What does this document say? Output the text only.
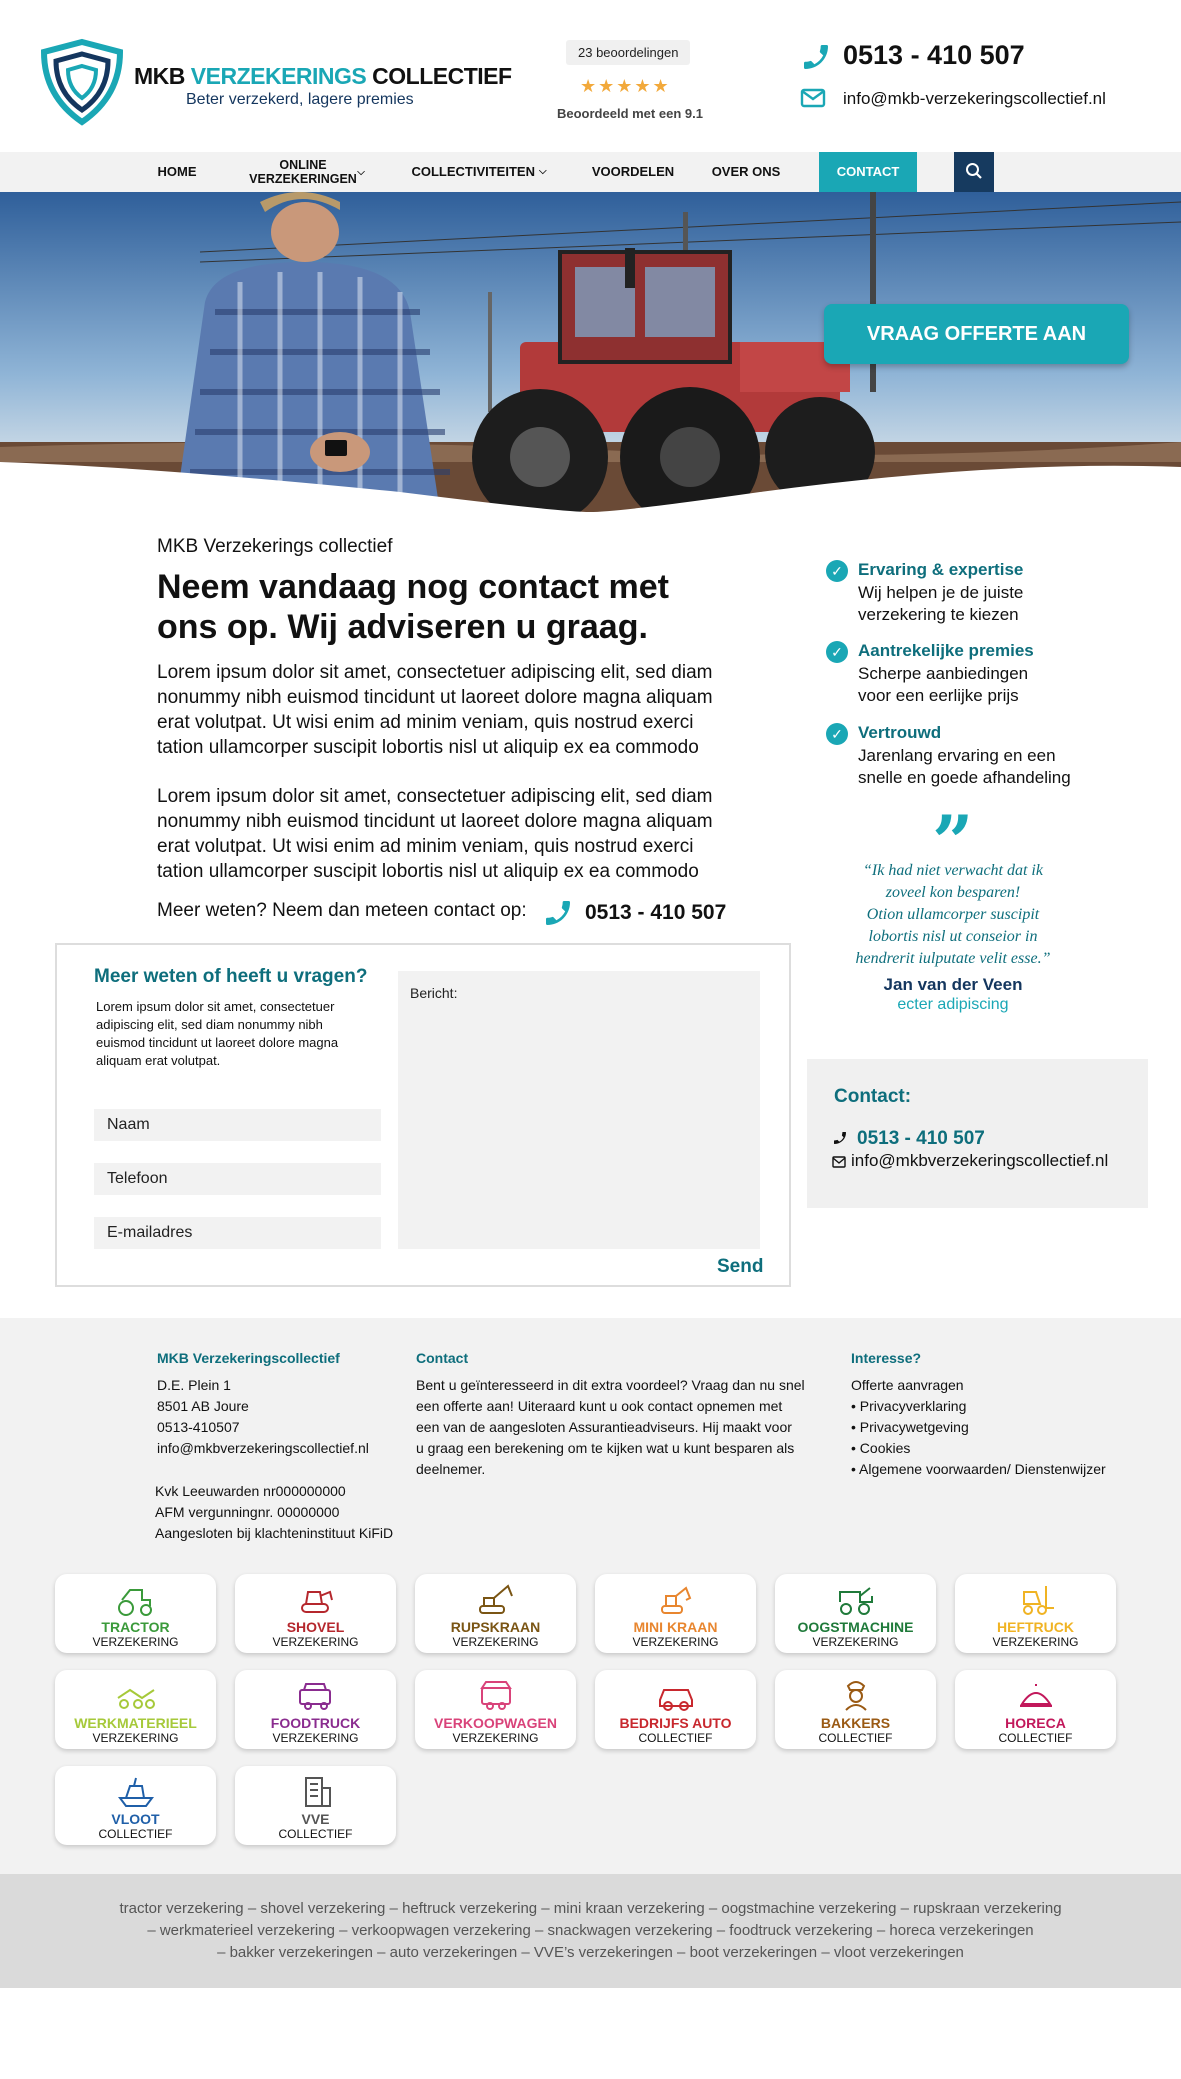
MKB VERZEKERINGS COLLECTIEF
Beter verzekerd, lagere premies
23 beoordelingen
★★★★★
Beoordeeld met een 9.1
0513 - 410 507
info@mkb-verzekeringscollectief.nl
HOME	ONLINE VERZEKERINGEN ⌵	COLLECTIVITEITEN ⌵	VOORDELEN	OVER ONS	CONTACT
VRAAG OFFERTE AAN
MKB Verzekerings collectief
Neem vandaag nog contact met
ons op. Wij adviseren u graag.
Lorem ipsum dolor sit amet, consectetuer adipiscing elit, sed diam
nonummy nibh euismod tincidunt ut laoreet dolore magna aliquam
erat volutpat. Ut wisi enim ad minim veniam, quis nostrud exerci
tation ullamcorper suscipit lobortis nisl ut aliquip ex ea commodo
Lorem ipsum dolor sit amet, consectetuer adipiscing elit, sed diam
nonummy nibh euismod tincidunt ut laoreet dolore magna aliquam
erat volutpat. Ut wisi enim ad minim veniam, quis nostrud exerci
tation ullamcorper suscipit lobortis nisl ut aliquip ex ea commodo
Meer weten? Neem dan meteen contact op:	0513 - 410 507
✓ Ervaring & expertise
Wij helpen je de juiste
verzekering te kiezen
✓ Aantrekelijke premies
Scherpe aanbiedingen
voor een eerlijke prijs
✓ Vertrouwd
Jarenlang ervaring en een
snelle en goede afhandeling
”
“Ik had niet verwacht dat ik
zoveel kon besparen!
Otion ullamcorper suscipit
lobortis nisl ut conseior in
hendrerit iulputate velit esse.”
Jan van der Veen
ecter adipiscing
Contact:
0513 - 410 507
info@mkbverzekeringscollectief.nl
Meer weten of heeft u vragen?
Lorem ipsum dolor sit amet, consectetuer
adipiscing elit, sed diam nonummy nibh
euismod tincidunt ut laoreet dolore magna
aliquam erat volutpat.
Naam
Telefoon
E-mailadres
Bericht:
Send
MKB Verzekeringscollectief
D.E. Plein 1
8501 AB Joure
0513-410507
info@mkbverzekeringscollectief.nl
Kvk Leeuwarden nr000000000
AFM vergunningnr. 00000000
Aangesloten bij klachteninstituut KiFiD
Contact
Bent u geïnteresseerd in dit extra voordeel? Vraag dan nu snel
een offerte aan! Uiteraard kunt u ook contact opnemen met
een van de aangesloten Assurantieadviseurs. Hij maakt voor
u graag een berekening om te kijken wat u kunt besparen als
deelnemer.
Interesse?
Offerte aanvragen
• Privacyverklaring
• Privacywetgeving
• Cookies
• Algemene voorwaarden/ Dienstenwijzer
TRACTOR
VERZEKERING
SHOVEL
VERZEKERING
RUPSKRAAN
VERZEKERING
MINI KRAAN
VERZEKERING
OOGSTMACHINE
VERZEKERING
HEFTRUCK
VERZEKERING
WERKMATERIEEL
VERZEKERING
FOODTRUCK
VERZEKERING
VERKOOPWAGEN
VERZEKERING
BEDRIJFS AUTO
COLLECTIEF
BAKKERS
COLLECTIEF
HORECA
COLLECTIEF
VLOOT
COLLECTIEF
VVE
COLLECTIEF
tractor verzekering – shovel verzekering – heftruck verzekering – mini kraan verzekering – oogstmachine verzekering – rupskraan verzekering
– werkmaterieel verzekering – verkoopwagen verzekering – snackwagen verzekering – foodtruck verzekering – horeca verzekeringen
– bakker verzekeringen – auto verzekeringen – VVE’s verzekeringen – boot verzekeringen – vloot verzekeringen
